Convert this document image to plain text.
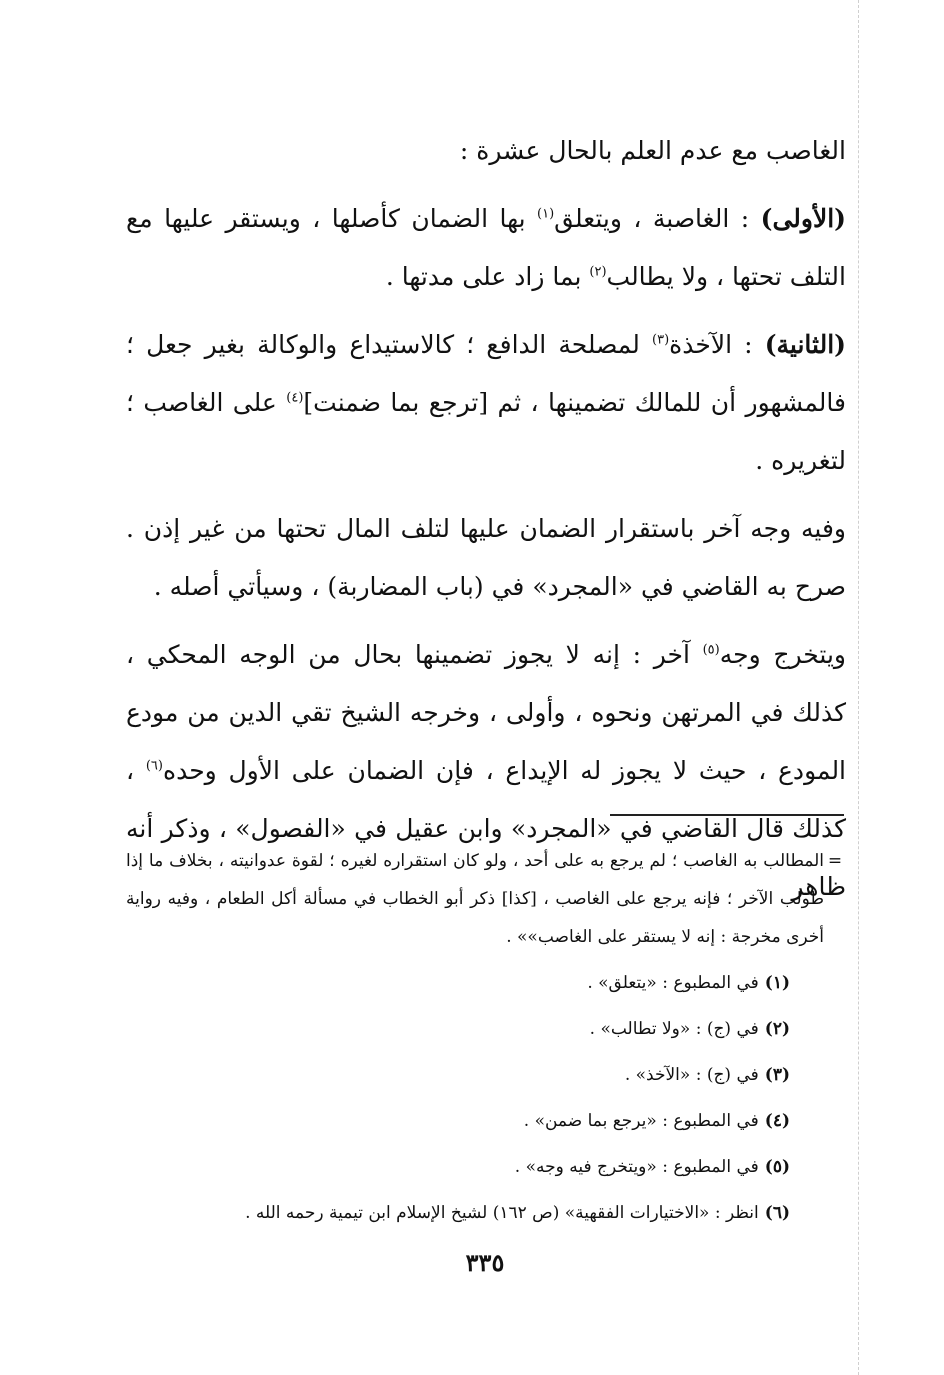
الغاصب مع عدم العلم بالحال عشرة :

(الأولى) : الغاصبة ، ويتعلق$^{(١)}$ بها الضمان كأصلها ، ويستقر عليها مع التلف تحتها ، ولا يطالب$^{(٢)}$ بما زاد على مدتها .

(الثانية) : الآخذة$^{(٣)}$ لمصلحة الدافع ؛ كالاستيداع والوكالة بغير جعل ؛ فالمشهور أن للمالك تضمينها ، ثم [ترجع بما ضمنت]$^{(٤)}$ على الغاصب ؛ لتغريره .

وفيه وجه آخر باستقرار الضمان عليها لتلف المال تحتها من غير إذن . صرح به القاضي في «المجرد» في (باب المضاربة) ، وسيأتي أصله .

ويتخرج وجه$^{(٥)}$ آخر : إنه لا يجوز تضمينها بحال من الوجه المحكي ، كذلك في المرتهن ونحوه ، وأولى ، وخرجه الشيخ تقي الدين من مودع المودع ، حيث لا يجوز له الإيداع ، فإن الضمان على الأول وحده$^{(٦)}$ ، كذلك قال القاضي في «المجرد» وابن عقيل في «الفصول» ، وذكر أنه ظاهر

=
المطالب به الغاصب ؛ لم يرجع به على أحد ، ولو كان استقراره لغيره ؛ لقوة عدوانيته ، بخلاف ما إذا طولب الآخر ؛ فإنه يرجع على الغاصب ، [كذا] ذكر أبو الخطاب في مسألة أكل الطعام ، وفيه رواية أخرى مخرجة : إنه لا يستقر على الغاصب»» .
(١)في المطبوع : «يتعلق» .
(٢)في (ج) : «ولا تطالب» .
(٣)في (ج) : «الآخذ» .
(٤)في المطبوع : «يرجع بما ضمن» .
(٥)في المطبوع : «ويتخرج فيه وجه» .
(٦)انظر : «الاختيارات الفقهية» (ص ١٦٢) لشيخ الإسلام ابن تيمية رحمه الله .
٣٣٥
